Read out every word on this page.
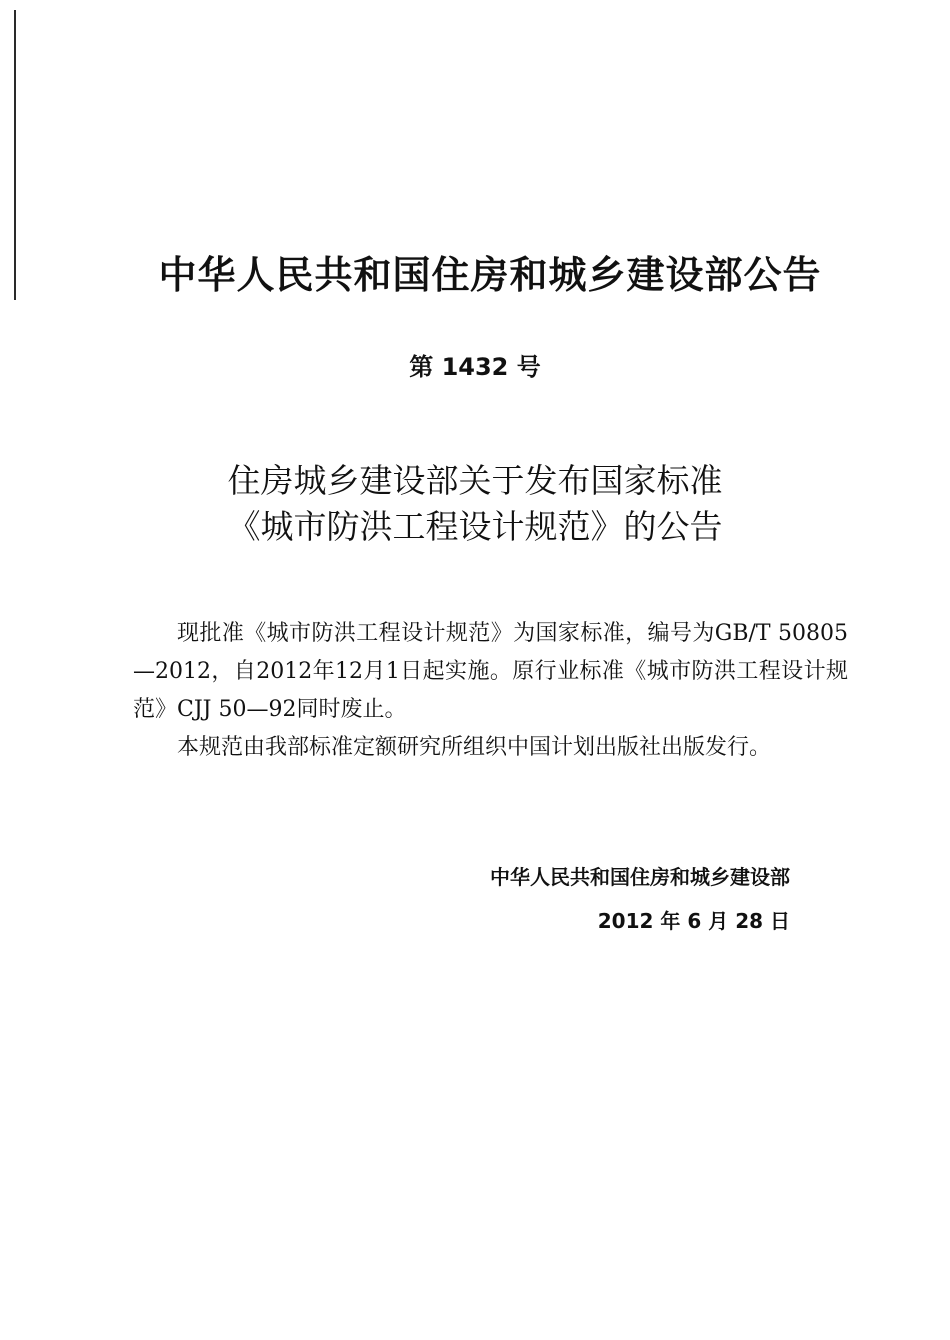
中华人民共和国住房和城乡建设部公告
第 1432 号
住房城乡建设部关于发布国家标准
《城市防洪工程设计规范》的公告

现批准《城市防洪工程设计规范》为国家标准，编号为GB/T 50805—2012，自2012年12月1日起实施。原行业标准《城市防洪工程设计规范》CJJ 50—92同时废止。

本规范由我部标准定额研究所组织中国计划出版社出版发行。

中华人民共和国住房和城乡建设部
2012 年 6 月 28 日
